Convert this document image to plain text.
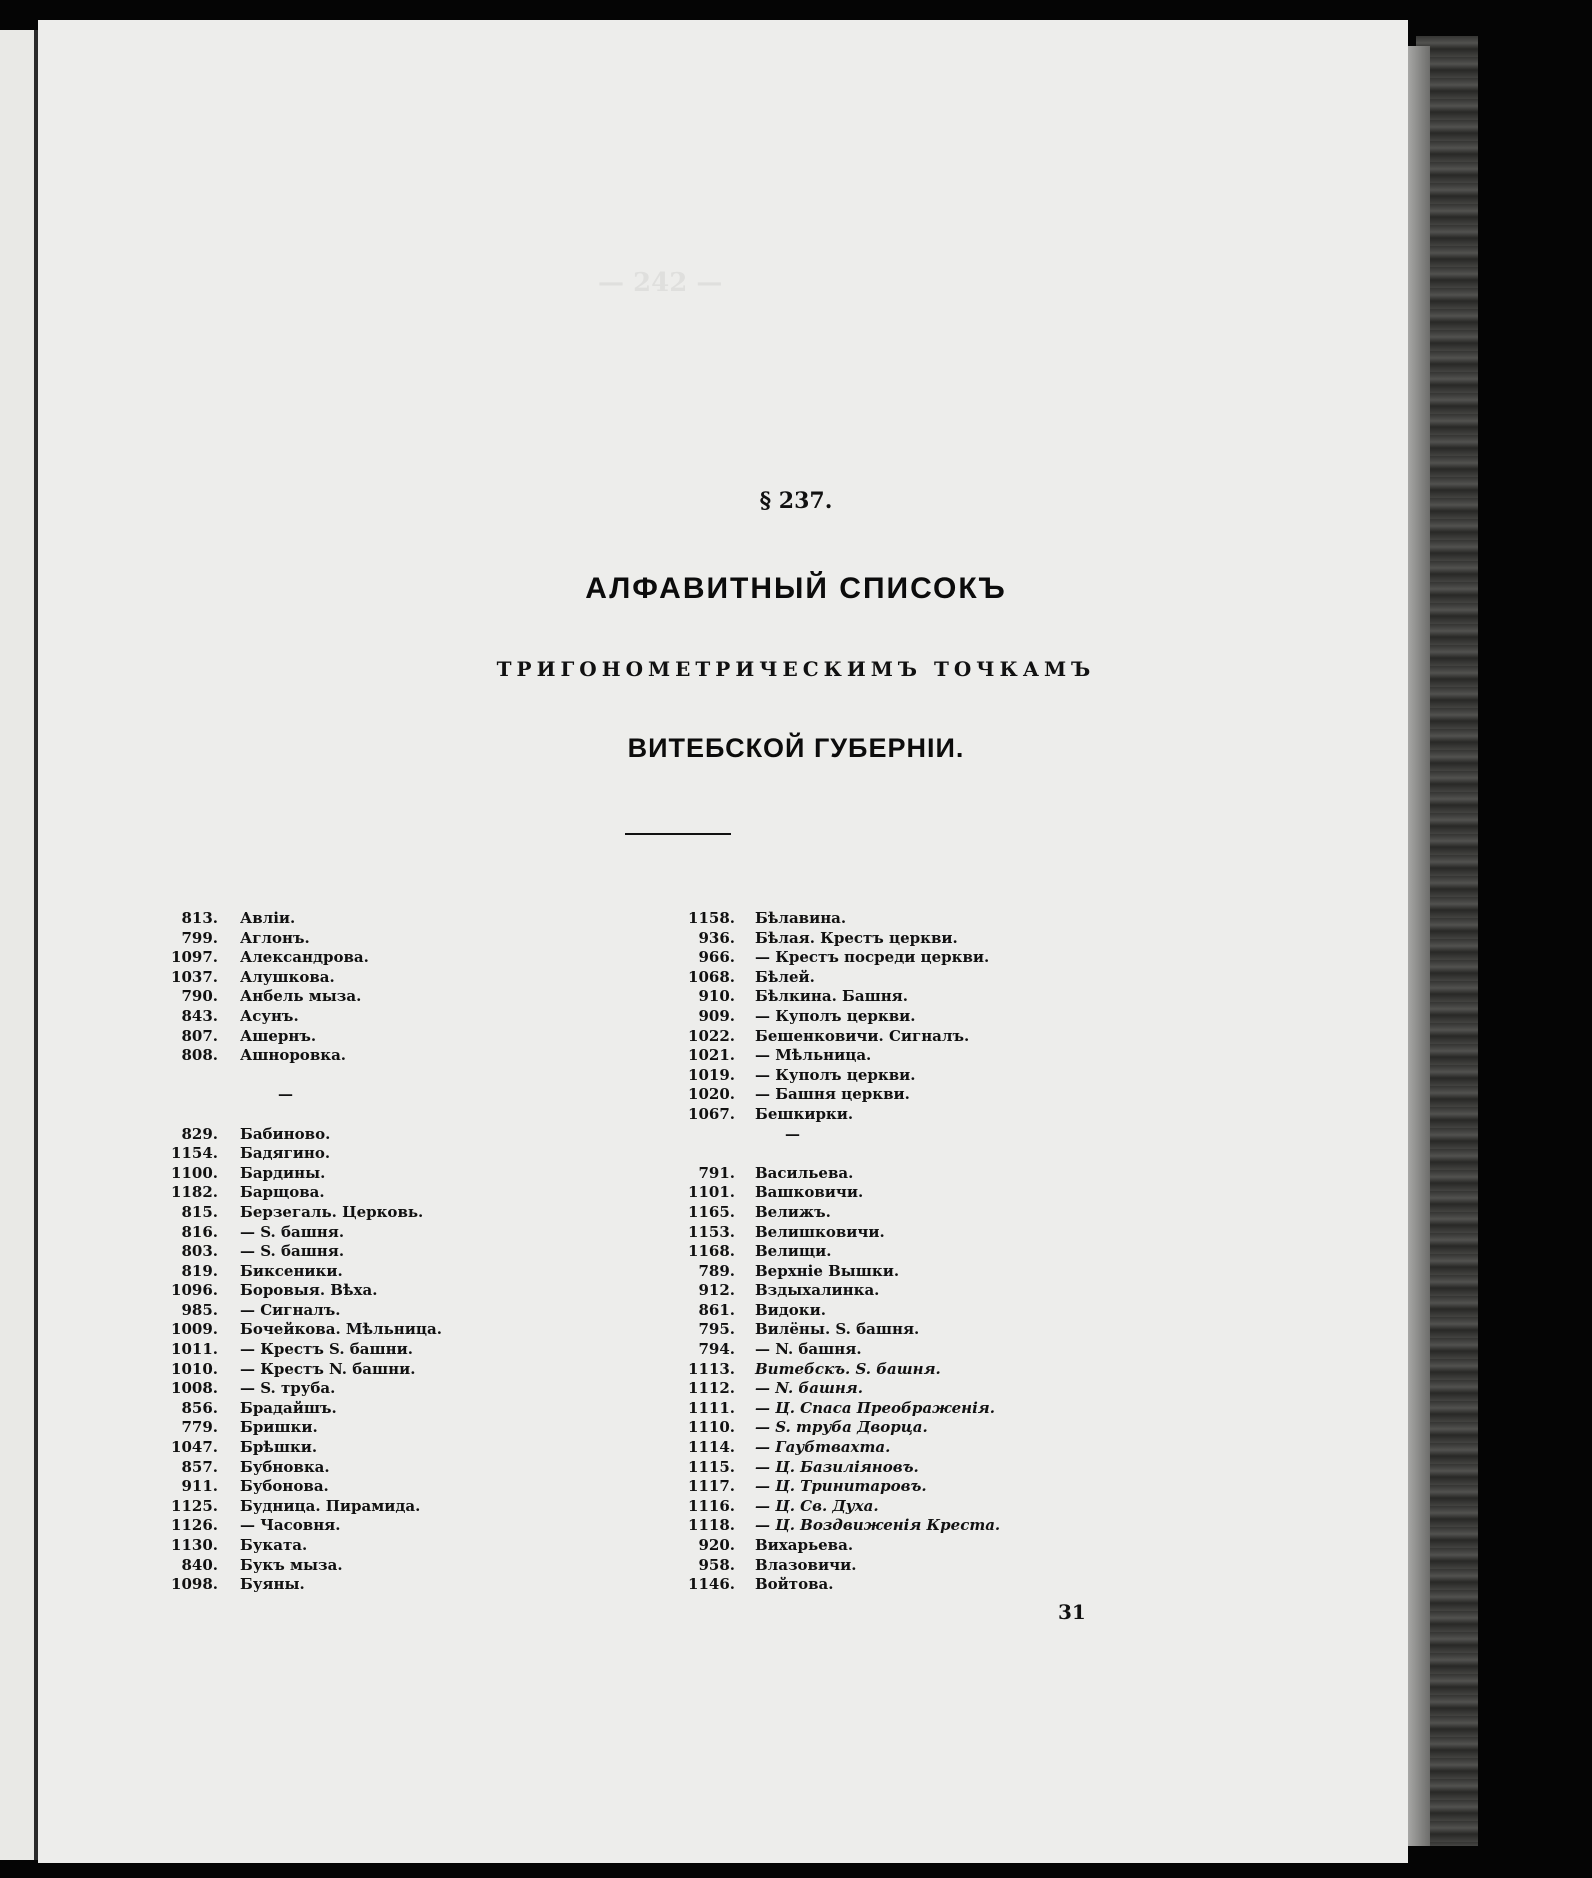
— 242 —
§ 237.
АЛФАВИТНЫЙ СПИСОКЪ
ТРИГОНОМЕТРИЧЕСКИМЪ ТОЧКАМЪ
ВИТЕБСКОЙ ГУБЕРНІИ.
813. Авліи.
799. Аглонъ.
1097. Александрова.
1037. Алушкова.
790. Анбель мыза.
843. Асунъ.
807. Ашернъ.
808. Ашноровка.
—
829. Бабиново.
1154. Бадягино.
1100. Бардины.
1182. Барщова.
815. Берзегаль. Церковь.
816. — S. башня.
803. — S. башня.
819. Биксеники.
1096. Боровыя. Вѣха.
985. — Сигналъ.
1009. Бочейкова. Мѣльница.
1011. — Крестъ S. башни.
1010. — Крестъ N. башни.
1008. — S. труба.
856. Брадайшъ.
779. Бришки.
1047. Брѣшки.
857. Бубновка.
911. Бубонова.
1125. Будница. Пирамида.
1126. — Часовня.
1130. Буката.
840. Букъ мыза.
1098. Буяны.
1158. Бѣлавина.
936. Бѣлая. Крестъ церкви.
966. — Крестъ посреди церкви.
1068. Бѣлей.
910. Бѣлкина. Башня.
909. — Куполъ церкви.
1022. Бешенковичи. Сигналъ.
1021. — Мѣльница.
1019. — Куполъ церкви.
1020. — Башня церкви.
1067. Бешкирки.
—
791. Васильева.
1101. Вашковичи.
1165. Велижъ.
1153. Велишковичи.
1168. Велищи.
789. Верхніе Вышки.
912. Вздыхалинка.
861. Видоки.
795. Вилёны. S. башня.
794. — N. башня.
1113. Витебскъ. S. башня.
1112. — N. башня.
1111. — Ц. Спаса Преображенія.
1110. — S. труба Дворца.
1114. — Гаубтвахта.
1115. — Ц. Базиліяновъ.
1117. — Ц. Тринитаровъ.
1116. — Ц. Св. Духа.
1118. — Ц. Воздвиженія Креста.
920. Вихарьева.
958. Влазовичи.
1146. Войтова.
31
